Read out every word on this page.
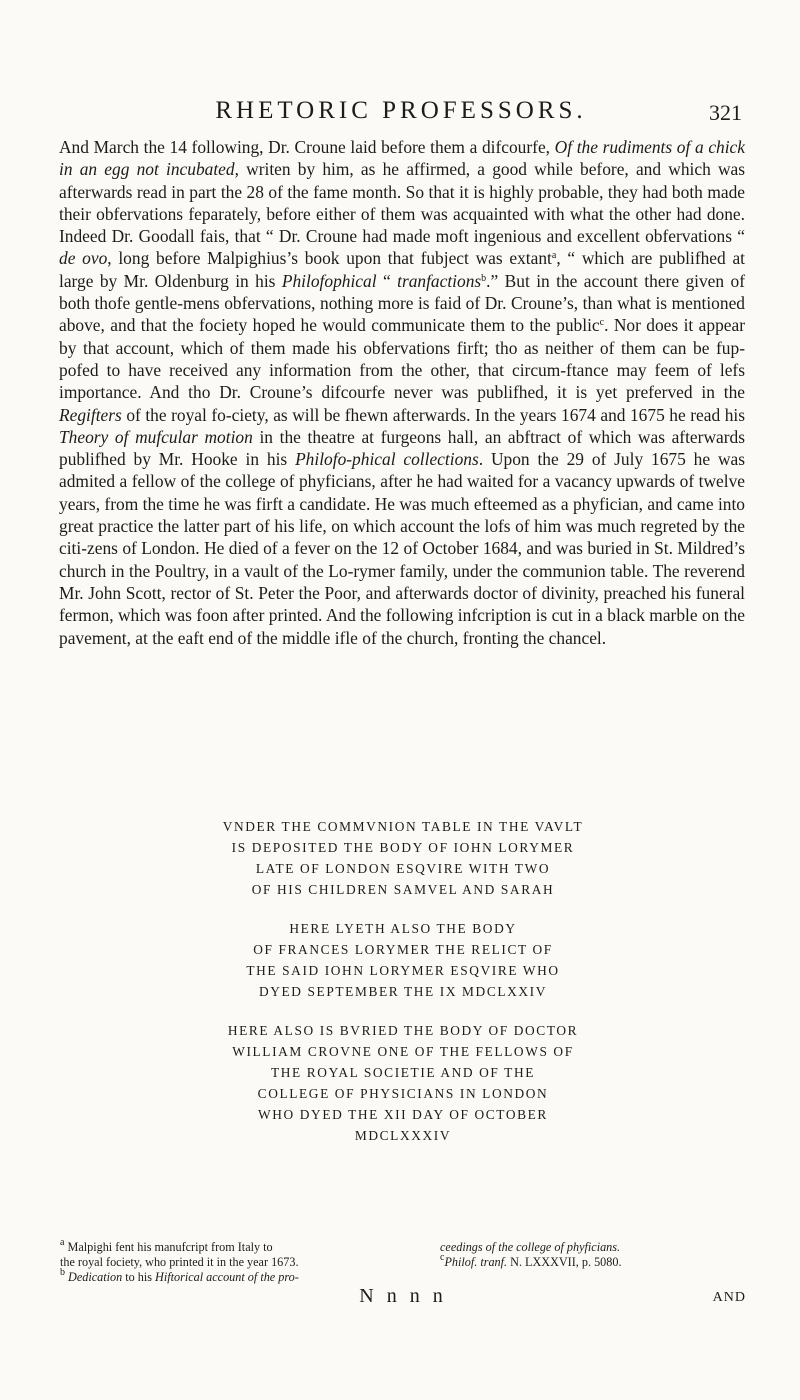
RHETORIC PROFESSORS.	321

And March the 14 following, Dr. Croune laid before them a difcourfe, Of the rudiments of a chick in an egg not incubated, writen by him, as he affirmed, a good while before, and which was afterwards read in part the 28 of the fame month. So that it is highly probable, they had both made their obfervations feparately, before either of them was acquainted with what the other had done. Indeed Dr. Goodall fais, that “ Dr. Croune had made moft ingenious and excellent obfervations “ de ovo, long before Malpighius’s book upon that fubject was extant$^a$, “ which are publifhed at large by Mr. Oldenburg in his Philofophical “ tranfactions$^b$.” But in the account there given of both thofe gentle-mens obfervations, nothing more is faid of Dr. Croune’s, than what is mentioned above, and that the fociety hoped he would communicate them to the public$^c$. Nor does it appear by that account, which of them made his obfervations firft; tho as neither of them can be fup-pofed to have received any information from the other, that circum-ftance may feem of lefs importance. And tho Dr. Croune’s difcourfe never was publifhed, it is yet preferved in the Regifters of the royal fo-ciety, as will be fhewn afterwards. In the years 1674 and 1675 he read his Theory of mufcular motion in the theatre at furgeons hall, an abftract of which was afterwards publifhed by Mr. Hooke in his Philofo-phical collections. Upon the 29 of July 1675 he was admited a fellow of the college of phyficians, after he had waited for a vacancy upwards of twelve years, from the time he was firft a candidate. He was much efteemed as a phyfician, and came into great practice the latter part of his life, on which account the lofs of him was much regreted by the citi-zens of London. He died of a fever on the 12 of October 1684, and was buried in St. Mildred’s church in the Poultry, in a vault of the Lo-rymer family, under the communion table. The reverend Mr. John Scott, rector of St. Peter the Poor, and afterwards doctor of divinity, preached his funeral fermon, which was foon after printed. And the following infcription is cut in a black marble on the pavement, at the eaft end of the middle ifle of the church, fronting the chancel.

VNDER THE COMMVNION TABLE IN THE VAVLT
IS DEPOSITED THE BODY OF IOHN LORYMER
LATE OF LONDON ESQVIRE WITH TWO
OF HIS CHILDREN SAMVEL AND SARAH
HERE LYETH ALSO THE BODY
OF FRANCES LORYMER THE RELICT OF
THE SAID IOHN LORYMER ESQVIRE WHO
DYED SEPTEMBER THE IX MDCLXXIV
HERE ALSO IS BVRIED THE BODY OF DOCTOR
WILLIAM CROVNE ONE OF THE FELLOWS OF
THE ROYAL SOCIETIE AND OF THE
COLLEGE OF PHYSICIANS IN LONDON
WHO DYED THE XII DAY OF OCTOBER
MDCLXXXIV
$^a$ Malpighi fent his manufcript from Italy to
the royal fociety, who printed it in the year 1673.
$^b$ Dedication to his Hiftorical account of the pro-
ceedings of the college of phyficians.
$^c$Philof. tranf. N. LXXXVII, p. 5080.
N n n n	AND
